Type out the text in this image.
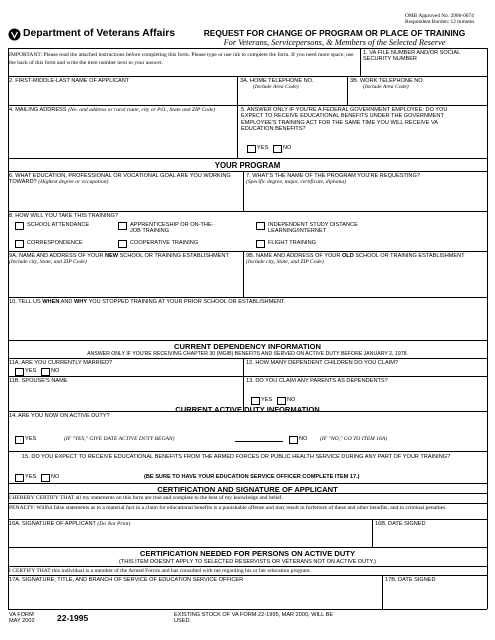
OMB Approved No. 2900-0074
Respondent Burden: 12 minutes
Department of Veterans Affairs	REQUEST FOR CHANGE OF PROGRAM OR PLACE OF TRAINING
For Veterans, Servicepersons, & Members of the Selected Reserve
IMPORTANT: Please read the attached instructions before completing this form. Please type or use ink to complete the form. If you need more space, use the back of this form and write the item number next to your answer.
1. VA FILE NUMBER AND/OR SOCIAL SECURITY NUMBER
2. FIRST-MIDDLE-LAST NAME OF APPLICANT	3A. HOME TELEPHONE NO.
(Include Area Code)
3B. WORK TELEPHONE NO.
(Include Area Code)
4. MAILING ADDRESS (No. and address or rural route, city or P.O., State and ZIP Code)	5. ANSWER ONLY IF YOU'RE A FEDERAL GOVERNMENT EMPLOYEE: DO YOU EXPECT TO RECEIVE EDUCATIONAL BENEFITS UNDER THE GOVERNMENT EMPLOYEE'S TRAINING ACT FOR THE SAME TIME YOU WILL RECEIVE VA EDUCATION BENEFITS?
YES	NO
YOUR PROGRAM
6. WHAT EDUCATION, PROFESSIONAL OR VOCATIONAL GOAL ARE YOU WORKING TOWARD? (Highest degree or occupation)
7. WHAT'S THE NAME OF THE PROGRAM YOU'RE REQUESTING?
(Specific degree, major, certificate, diploma)
8. HOW WILL YOU TAKE THIS TRAINING?
SCHOOL ATTENDANCE	APPRENTICESHIP OR ON-THE-JOB TRAINING
INDEPENDENT STUDY DISTANCE LEARNING/INTERNET
CORRESPONDENCE	COOPERATIVE TRAINING	FLIGHT TRAINING
9A. NAME AND ADDRESS OF YOUR NEW SCHOOL OR TRAINING ESTABLISHMENT (Include city, State, and ZIP Code)
9B. NAME AND ADDRESS OF YOUR OLD SCHOOL OR TRAINING ESTABLISHMENT (Include city, State, and ZIP Code)
10. TELL US WHEN AND WHY YOU STOPPED TRAINING AT YOUR PRIOR SCHOOL OR ESTABLISHMENT.
CURRENT DEPENDENCY INFORMATION
ANSWER ONLY IF YOU'RE RECEIVING CHAPTER 30 (MGIB) BENEFITS AND SERVED ON ACTIVE DUTY BEFORE JANUARY 2, 1978.
11A. ARE YOU CURRENTLY MARRIED?
YES	NO
12. HOW MANY DEPENDENT CHILDREN DO YOU CLAIM?
11B. SPOUSE'S NAME	13. DO YOU CLAIM ANY PARENTS AS DEPENDENTS?
YES	NO
CURRENT ACTIVE DUTY INFORMATION
14. ARE YOU NOW ON ACTIVE DUTY?
YES	(IF "YES," GIVE DATE ACTIVE DUTY BEGAN)	NO (IF "NO," GO TO ITEM 16A)
15. DO YOU EXPECT TO RECEIVE EDUCATIONAL BENEFITS FROM THE ARMED FORCES OR PUBLIC HEALTH SERVICE DURING ANY PART OF YOUR TRAINING?
YES	NO	(BE SURE TO HAVE YOUR EDUCATION SERVICE OFFICER COMPLETE ITEM 17.)
CERTIFICATION AND SIGNATURE OF APPLICANT
I HEREBY CERTIFY THAT all my statements on this form are true and complete to the best of my knowledge and belief.
PENALTY: Willful false statements as to a material fact in a claim for educational benefits is a punishable offense and may result in forfeiture of these and other benefits, and in criminal penalties.
16A. SIGNATURE OF APPLICANT (Do Not Print)	16B. DATE SIGNED
CERTIFICATION NEEDED FOR PERSONS ON ACTIVE DUTY
(THIS ITEM DOESN'T APPLY TO SELECTED RESERVISTS OR VETERANS NOT ON ACTIVE DUTY.)
I CERTIFY THAT this individual is a member of the Armed Forces and has consulted with me regarding his or her education program.
17A. SIGNATURE, TITLE, AND BRANCH OF SERVICE OF EDUCATION SERVICE OFFICER	17B. DATE SIGNED
VA FORM
MAY 2002	22-1995	EXISTING STOCK OF VA FORM 22-1995, MAR 2000, WILL BE USED.
